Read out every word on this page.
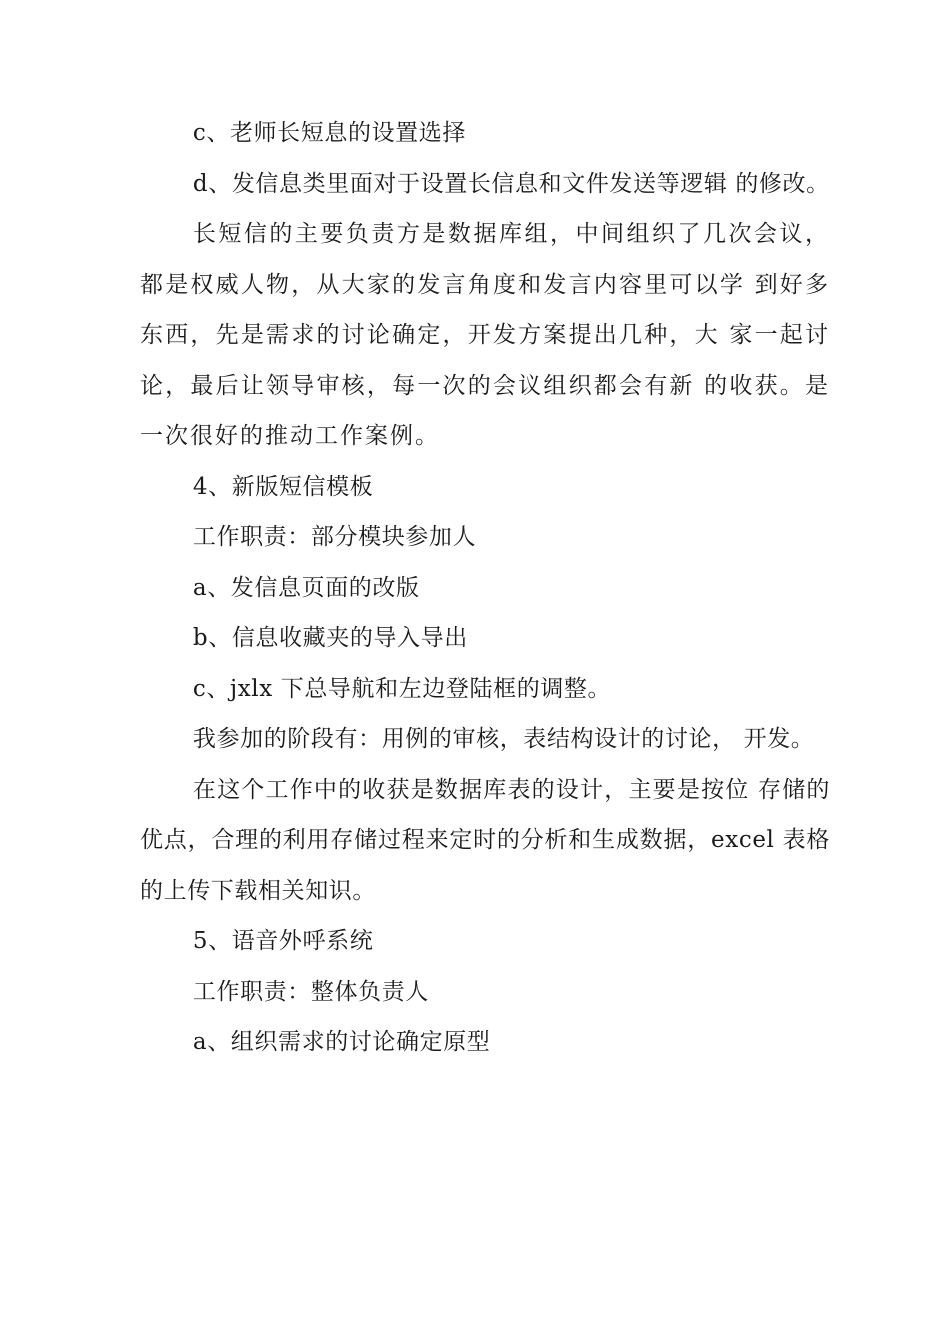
c、老师长短息的设置选择

d、发信息类里面对于设置长信息和文件发送等逻辑 的修改。

长短信的主要负责方是数据库组，中间组织了几次会议，都是权威人物，从大家的发言角度和发言内容里可以学 到好多东西，先是需求的讨论确定，开发方案提出几种，大 家一起讨论，最后让领导审核，每一次的会议组织都会有新 的收获。是一次很好的推动工作案例。

4、新版短信模板

工作职责：部分模块参加人

a、发信息页面的改版

b、信息收藏夹的导入导出

c、jxlx 下总导航和左边登陆框的调整。

我参加的阶段有：用例的审核，表结构设计的讨论， 开发。

在这个工作中的收获是数据库表的设计，主要是按位 存储的优点，合理的利用存储过程来定时的分析和生成数据，excel 表格的上传下载相关知识。

5、语音外呼系统

工作职责：整体负责人

a、组织需求的讨论确定原型
